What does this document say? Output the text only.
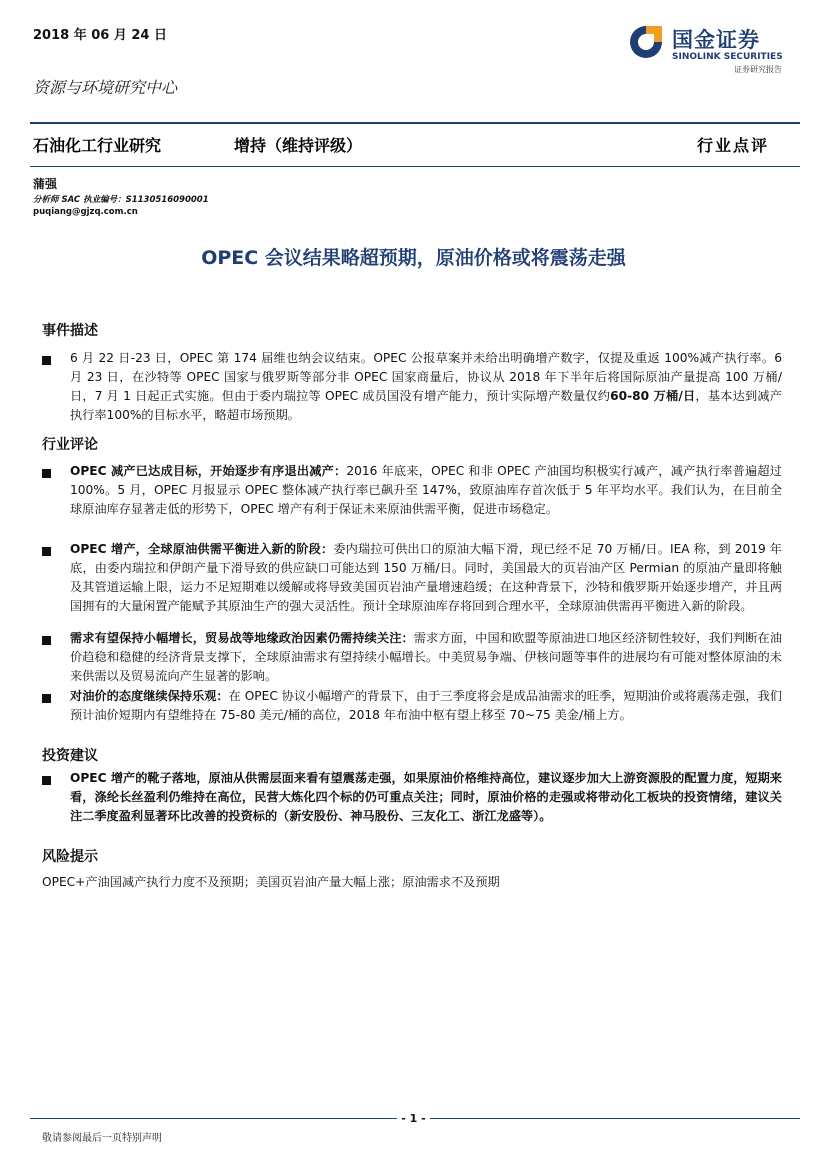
2018 年 06 月 24 日	国金证券
SINOLINK SECURITIES
证券研究报告
资源与环境研究中心
石油化工行业研究	增持（维持评级）	行业点评
蒲强
分析师 SAC 执业编号：S1130516090001
puqiang@gjzq.com.cn
OPEC 会议结果略超预期，原油价格或将震荡走强
事件描述
6 月 22 日-23 日，OPEC 第 174 届维也纳会议结束。OPEC 公报草案并未给出明确增产数字，仅提及重返 100%减产执行率。6 月 23 日，在沙特等 OPEC 国家与俄罗斯等部分非 OPEC 国家商量后，协议从 2018 年下半年后将国际原油产量提高 100 万桶/日，7 月 1 日起正式实施。但由于委内瑞拉等 OPEC 成员国没有增产能力，预计实际增产数量仅约60-80 万桶/日，基本达到减产执行率100%的目标水平，略超市场预期。
行业评论
OPEC 减产已达成目标，开始逐步有序退出减产：2016 年底来，OPEC 和非 OPEC 产油国均积极实行减产，减产执行率普遍超过 100%。5 月，OPEC 月报显示 OPEC 整体减产执行率已飙升至 147%，致原油库存首次低于 5 年平均水平。我们认为，在目前全球原油库存显著走低的形势下，OPEC 增产有利于保证未来原油供需平衡，促进市场稳定。
OPEC 增产，全球原油供需平衡进入新的阶段：委内瑞拉可供出口的原油大幅下滑，现已经不足 70 万桶/日。IEA 称，到 2019 年底，由委内瑞拉和伊朗产量下滑导致的供应缺口可能达到 150 万桶/日。同时，美国最大的页岩油产区 Permian 的原油产量即将触及其管道运输上限，运力不足短期难以缓解或将导致美国页岩油产量增速趋缓；在这种背景下，沙特和俄罗斯开始逐步增产，并且两国拥有的大量闲置产能赋予其原油生产的强大灵活性。预计全球原油库存将回到合理水平，全球原油供需再平衡进入新的阶段。
需求有望保持小幅增长，贸易战等地缘政治因素仍需持续关注：需求方面，中国和欧盟等原油进口地区经济韧性较好，我们判断在油价趋稳和稳健的经济背景支撑下，全球原油需求有望持续小幅增长。中美贸易争端、伊核问题等事件的进展均有可能对整体原油的未来供需以及贸易流向产生显著的影响。
对油价的态度继续保持乐观：在 OPEC 协议小幅增产的背景下，由于三季度将会是成品油需求的旺季，短期油价或将震荡走强，我们预计油价短期内有望维持在 75-80 美元/桶的高位，2018 年布油中枢有望上移至 70~75 美金/桶上方。
投资建议
OPEC 增产的靴子落地，原油从供需层面来看有望震荡走强，如果原油价格维持高位，建议逐步加大上游资源股的配置力度，短期来看，涤纶长丝盈利仍维持在高位，民营大炼化四个标的仍可重点关注；同时，原油价格的走强或将带动化工板块的投资情绪，建议关注二季度盈利显著环比改善的投资标的（新安股份、神马股份、三友化工、浙江龙盛等）。
风险提示
OPEC+产油国减产执行力度不及预期；美国页岩油产量大幅上涨；原油需求不及预期
- 1 -
敬请参阅最后一页特别声明
